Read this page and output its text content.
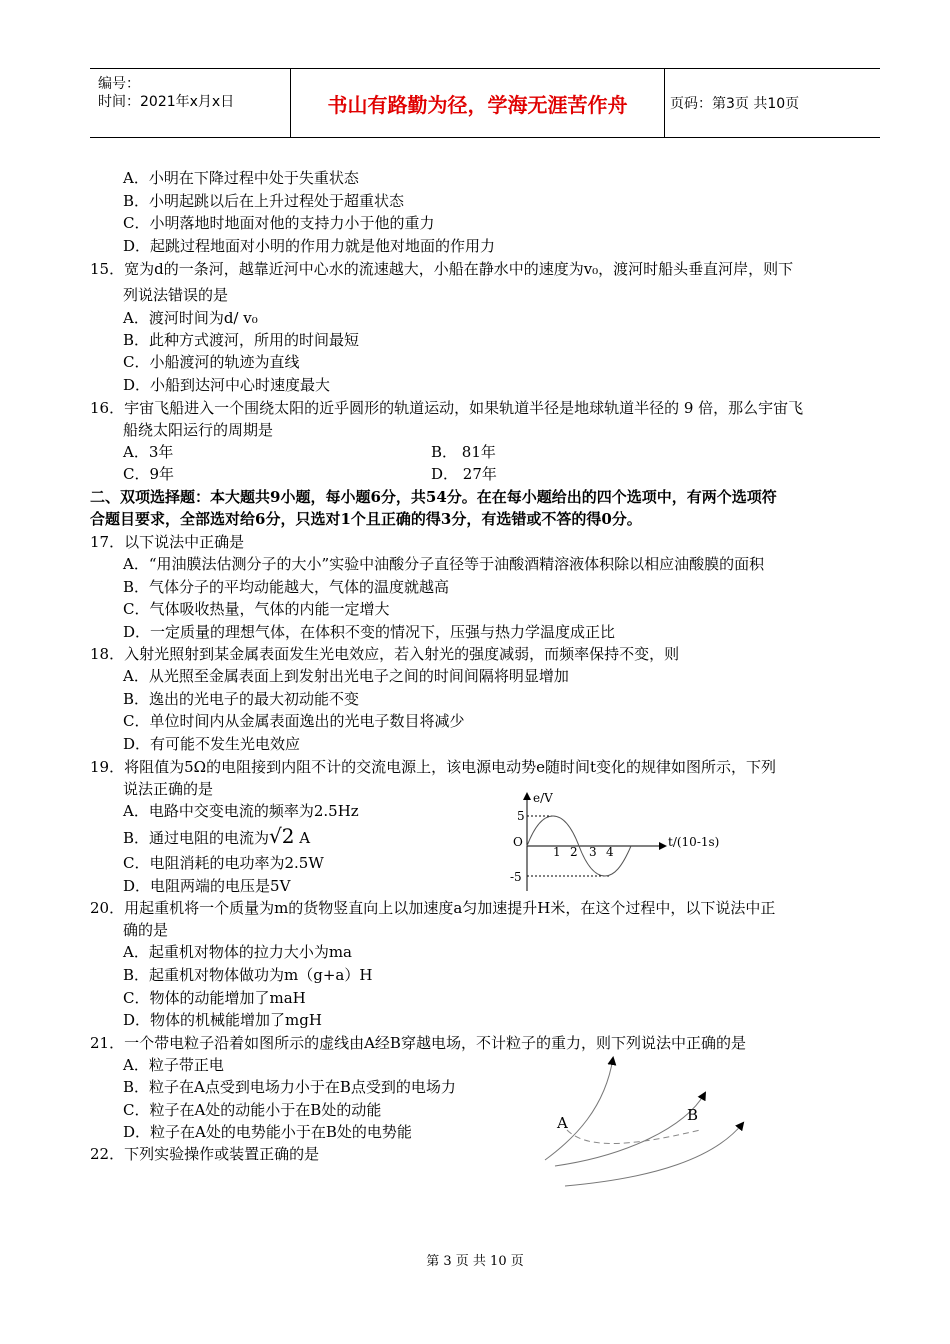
编号：
时间：2021年x月x日	书山有路勤为径，学海无涯苦作舟	页码：第3页 共10页
A．小明在下降过程中处于失重状态
B．小明起跳以后在上升过程处于超重状态
C．小明落地时地面对他的支持力小于他的重力
D．起跳过程地面对小明的作用力就是他对地面的作用力
15．宽为d的一条河，越靠近河中心水的流速越大，小船在静水中的速度为v₀，渡河时船头垂直河岸，则下
列说法错误的是
A．渡河时间为d/ v₀
B．此种方式渡河，所用的时间最短
C．小船渡河的轨迹为直线
D．小船到达河中心时速度最大
16．宇宙飞船进入一个围绕太阳的近乎圆形的轨道运动，如果轨道半径是地球轨道半径的 9 倍，那么宇宙飞
船绕太阳运行的周期是
A．3年	B． 81年
C．9年	D． 27年
二、双项选择题：本大题共9小题，每小题6分，共54分。在在每小题给出的四个选项中，有两个选项符
合题目要求，全部选对给6分，只选对1个且正确的得3分，有选错或不答的得0分。
17．以下说法中正确是
A．“用油膜法估测分子的大小”实验中油酸分子直径等于油酸酒精溶液体积除以相应油酸膜的面积
B．气体分子的平均动能越大，气体的温度就越高
C．气体吸收热量，气体的内能一定增大
D．一定质量的理想气体，在体积不变的情况下，压强与热力学温度成正比
18．入射光照射到某金属表面发生光电效应，若入射光的强度减弱，而频率保持不变，则
A．从光照至金属表面上到发射出光电子之间的时间间隔将明显增加
B．逸出的光电子的最大初动能不变
C．单位时间内从金属表面逸出的光电子数目将减少
D．有可能不发生光电效应
19．将阻值为5Ω的电阻接到内阻不计的交流电源上，该电源电动势e随时间t变化的规律如图所示，下列
说法正确的是
A．电路中交变电流的频率为2.5Hz
B．通过电阻的电流为√2 A
C．电阻消耗的电功率为2.5W
D．电阻两端的电压是5V
e/V
5
O
-5
1 2 3 4
t/(10-1s)
20．用起重机将一个质量为m的货物竖直向上以加速度a匀加速提升H米，在这个过程中，以下说法中正
确的是
A．起重机对物体的拉力大小为ma
B．起重机对物体做功为m（g+a）H
C．物体的动能增加了maH
D．物体的机械能增加了mgH
21．一个带电粒子沿着如图所示的虚线由A经B穿越电场，不计粒子的重力，则下列说法中正确的是
A．粒子带正电
B．粒子在A点受到电场力小于在B点受到的电场力
C．粒子在A处的动能小于在B处的动能
D．粒子在A处的电势能小于在B处的电势能	A	B
22．下列实验操作或装置正确的是
第 3 页 共 10 页
